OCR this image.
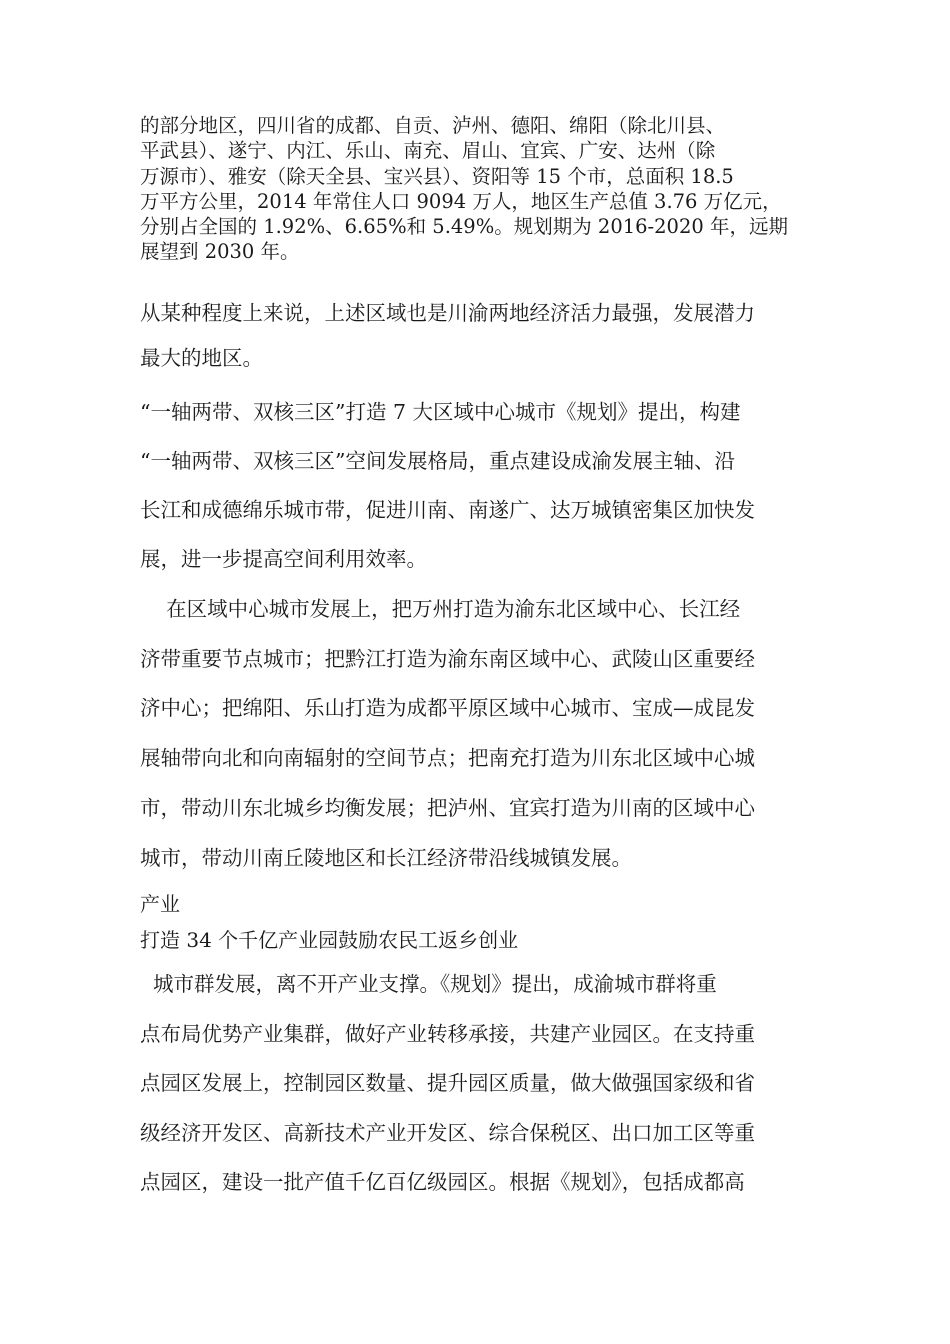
的部分地区，四川省的成都、自贡、泸州、德阳、绵阳（除北川县、
平武县）、遂宁、内江、乐山、南充、眉山、宜宾、广安、达州（除
万源市）、雅安（除天全县、宝兴县）、资阳等 15 个市，总面积 18.5
万平方公里，2014 年常住人口 9094 万人，地区生产总值 3.76 万亿元，
分别占全国的 1.92%、6.65%和 5.49%。规划期为 2016-2020 年，远期
展望到 2030 年。

从某种程度上来说，上述区域也是川渝两地经济活力最强，发展潜力
最大的地区。

“一轴两带、双核三区”打造 7 大区域中心城市《规划》提出，构建
“一轴两带、双核三区”空间发展格局，重点建设成渝发展主轴、沿
长江和成德绵乐城市带，促进川南、南遂广、达万城镇密集区加快发
展，进一步提高空间利用效率。

在区域中心城市发展上，把万州打造为渝东北区域中心、长江经
济带重要节点城市；把黔江打造为渝东南区域中心、武陵山区重要经
济中心；把绵阳、乐山打造为成都平原区域中心城市、宝成—成昆发
展轴带向北和向南辐射的空间节点；把南充打造为川东北区域中心城
市，带动川东北城乡均衡发展；把泸州、宜宾打造为川南的区域中心
城市，带动川南丘陵地区和长江经济带沿线城镇发展。

产业
打造 34 个千亿产业园鼓励农民工返乡创业

城市群发展，离不开产业支撑。《规划》提出，成渝城市群将重
点布局优势产业集群，做好产业转移承接，共建产业园区。在支持重
点园区发展上，控制园区数量、提升园区质量，做大做强国家级和省
级经济开发区、高新技术产业开发区、综合保税区、出口加工区等重
点园区，建设一批产值千亿百亿级园区。根据《规划》，包括成都高
